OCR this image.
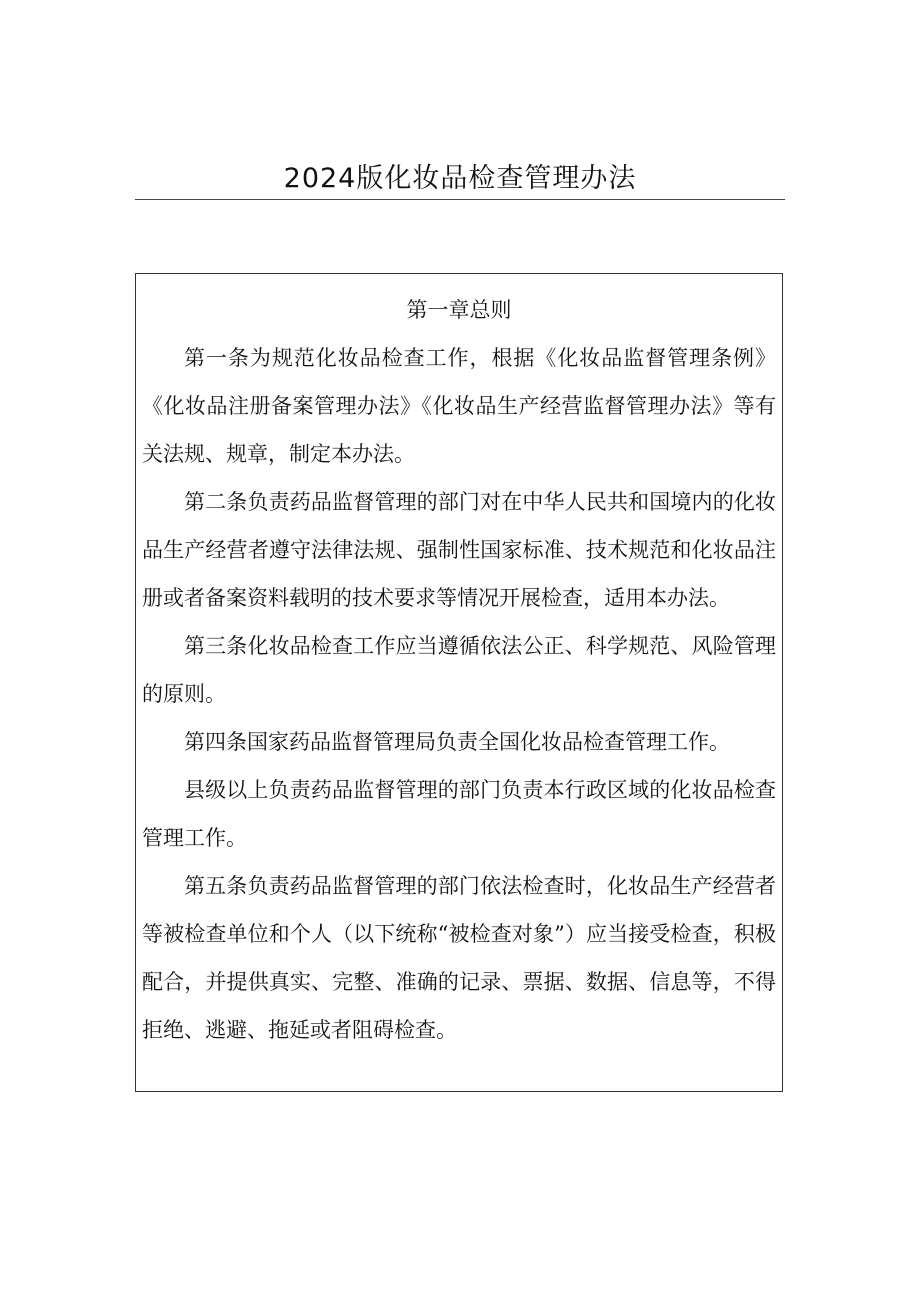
2024版化妆品检查管理办法

第一章总则

第一条为规范化妆品检查工作，根据《化妆品监督管理条例》《化妆品注册备案管理办法》《化妆品生产经营监督管理办法》等有关法规、规章，制定本办法。

第二条负责药品监督管理的部门对在中华人民共和国境内的化妆品生产经营者遵守法律法规、强制性国家标准、技术规范和化妆品注册或者备案资料载明的技术要求等情况开展检查，适用本办法。

第三条化妆品检查工作应当遵循依法公正、科学规范、风险管理的原则。

第四条国家药品监督管理局负责全国化妆品检查管理工作。

县级以上负责药品监督管理的部门负责本行政区域的化妆品检查管理工作。

第五条负责药品监督管理的部门依法检查时，化妆品生产经营者等被检查单位和个人（以下统称“被检查对象”）应当接受检查，积极配合，并提供真实、完整、准确的记录、票据、数据、信息等，不得拒绝、逃避、拖延或者阻碍检查。
